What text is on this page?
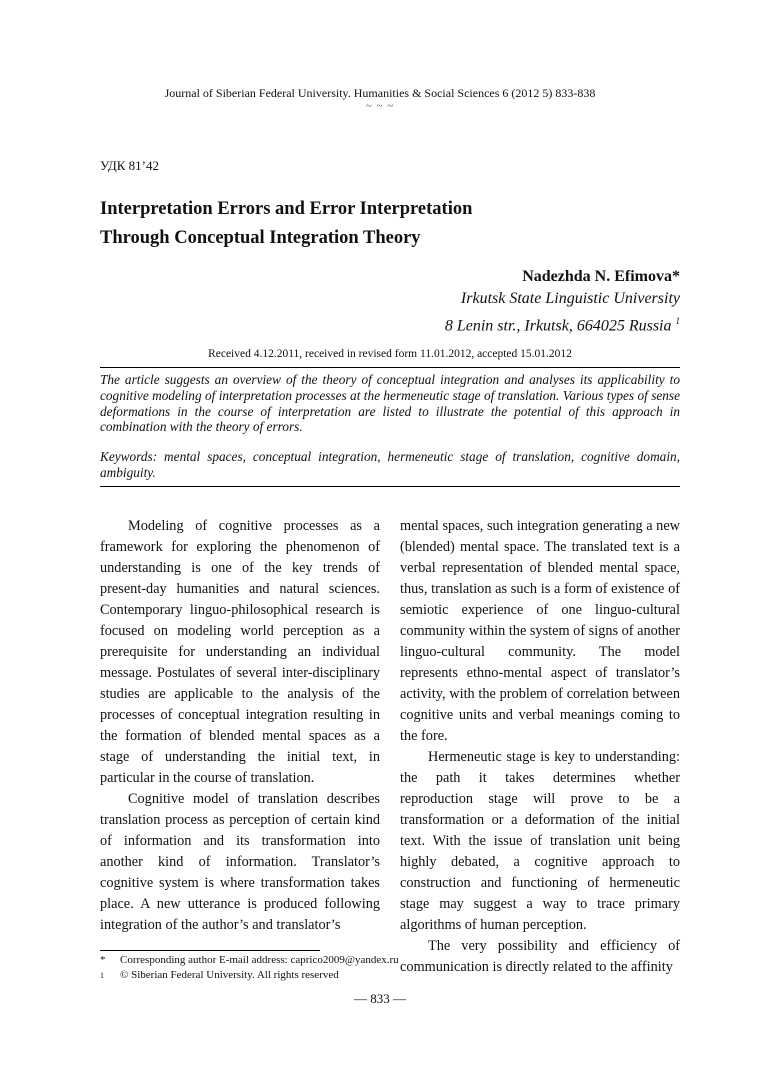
Journal of Siberian Federal University. Humanities & Social Sciences 6 (2012 5) 833-838
~ ~ ~
УДК 81’42
Interpretation Errors and Error Interpretation
Through Conceptual Integration Theory
Nadezhda N. Efimova*
Irkutsk State Linguistic University
8 Lenin str., Irkutsk, 664025 Russia $^1$
Received 4.12.2011, received in revised form 11.01.2012, accepted 15.01.2012
The article suggests an overview of the theory of conceptual integration and analyses its applicability to cognitive modeling of interpretation processes at the hermeneutic stage of translation. Various types of sense deformations in the course of interpretation are listed to illustrate the potential of this approach in combination with the theory of errors.
Keywords: mental spaces, conceptual integration, hermeneutic stage of translation, cognitive domain, ambiguity.

Modeling of cognitive processes as a framework for exploring the phenomenon of understanding is one of the key trends of present-day humanities and natural sciences. Contemporary linguo-philosophical research is focused on modeling world perception as a prerequisite for understanding an individual message. Postulates of several inter-disciplinary studies are applicable to the analysis of the processes of conceptual integration resulting in the formation of blended mental spaces as a stage of understanding the initial text, in particular in the course of translation.

Cognitive model of translation describes translation process as perception of certain kind of information and its transformation into another kind of information. Translator’s cognitive system is where transformation takes place. A new utterance is produced following integration of the author’s and translator’s

mental spaces, such integration generating a new (blended) mental space. The translated text is a verbal representation of blended mental space, thus, translation as such is a form of existence of semiotic experience of one linguo-cultural community within the system of signs of another linguo-cultural community. The model represents ethno-mental aspect of translator’s activity, with the problem of correlation between cognitive units and verbal meanings coming to the fore.

Hermeneutic stage is key to understanding: the path it takes determines whether reproduction stage will prove to be a transformation or a deformation of the initial text. With the issue of translation unit being highly debated, a cognitive approach to construction and functioning of hermeneutic stage may suggest a way to trace primary algorithms of human perception.

The very possibility and efficiency of communication is directly related to the affinity

*	Corresponding author E-mail address: caprico2009@yandex.ru
1	© Siberian Federal University. All rights reserved
— 833 —
